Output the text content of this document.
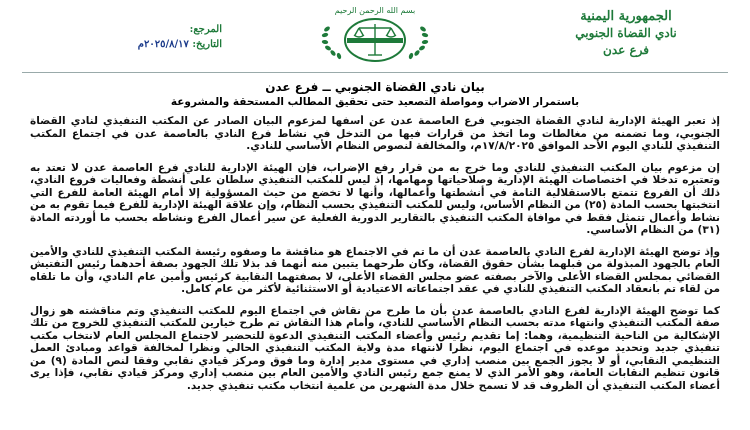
الجمهورية اليمنية
نادي القضاة الجنوبي
فرع عدن
بسم الله الرحمن الرحيم
المرجع:
التاريخ: ٢٠٢٥/٨/١٧م
بيان نادي القضاة الجنوبي ــ فرع عدن
باستمرار الاضراب ومواصلة التصعيد حتى تحقيق المطالب المستحقة والمشروعة

إذ تعبر الهيئة الإدارية لنادي القضاة الجنوبي فرع العاصمة عدن عن أسفها لمزعوم البيان الصادر عن المكتب التنفيذي لنادي القضاة الجنوبي، وما تضمنه من مغالطات وما اتخذ من قرارات فيها من التدخل في نشاط فرع النادي بالعاصمة عدن في اجتماع المكتب التنفيذي للنادي اليوم الأحد الموافق ١٧/٨/٢٠٢٥م، والمخالفة لنصوص النظام الأساسي للنادي.

إن مزعوم بيان المكتب التنفيذي للنادي وما خرج به من قرار رفع الإضراب، فإن الهيئة الإدارية للنادي فرع العاصمة عدن لا تعتد به وتعتبره تدخلا في اختصاصات الهيئة الإدارية وصلاحياتها ومهامها، إذ ليس للمكتب التنفيذي سلطان على أنشطة وفعاليات فروع النادي، ذلك أن الفروع تتمتع بالاستقلالية التامة في أنشطتها وأعمالها، وأنها لا تخضع من حيث المسؤولية إلا أمام الهيئة العامة للفرع التي انتخبتها بحسب المادة (٢٥) من النظام الأساس، وليس للمكتب التنفيذي بحسب النظام، وإن علاقة الهيئة الإدارية للفرع فيما تقوم به من نشاط وأعمال تتمثل فقط في موافاة المكتب التنفيذي بالتقارير الدورية الفعلية عن سير أعمال الفرع ونشاطه بحسب ما أوردته المادة (٣١) من النظام الأساسي.

وإذ توضح الهيئة الإدارية لفرع النادي بالعاصمة عدن أن ما تم في الاجتماع هو مناقشة ما وصفوه رئيسة المكتب التنفيذي للنادي والأمين العام بالجهود المبذولة من قبلهما بشأن حقوق القضاة، وكان طرحهما يتبين منه أنهما قد بذلا تلك الجهود بصفة أحدهما رئيس التفتيش القضائي بمجلس القضاء الأعلى والآخر بصفته عضو مجلس القضاء الأعلى، لا بصفتهما النقابية كرئيس وأمين عام النادي، وأن ما تلقاه من لقاء تم بانعقاد المكتب التنفيذي للنادي في عقد اجتماعاته الاعتيادية أو الاستثنائية لأكثر من عام كامل.

كما توضح الهيئة الإدارية لفرع النادي بالعاصمة عدن بأن ما طرح من نقاش في اجتماع اليوم للمكتب التنفيذي وتم مناقشته هو زوال صفة المكتب التنفيذي وانتهاء مدته بحسب النظام الأساسي للنادي، وأمام هذا النقاش تم طرح خيارين للمكتب التنفيذي للخروج من تلك الإشكالية من الناحية التنظيمية، وهما: إما تقديم رئيس وأعضاء المكتب التنفيذي الدعوة للتحضير لاجتماع المجلس العام لانتخاب مكتب تنفيذي جديد وتحديد موعده في اجتماع اليوم، نظرا لانتهاء مدة ولاية المكتب التنفيذي الحالي ونظرا لمخالفة قواعد ومبادئ العمل التنظيمي النقابي، أو لا يجوز الجمع بين منصب إداري في مستوى مدير إدارة وما فوق ومركز قيادي نقابي وفقا لنص المادة (٩) من قانون تنظيم النقابات العامة، وهو الأمر الذي لا يمنع جمع رئيس النادي والأمين العام بين منصب إداري ومركز قيادي نقابي، فإذا يرى أعضاء المكتب التنفيذي أن الظروف قد لا تسمح خلال مدة الشهرين من علمية انتخاب مكتب تنفيذي جديد.
